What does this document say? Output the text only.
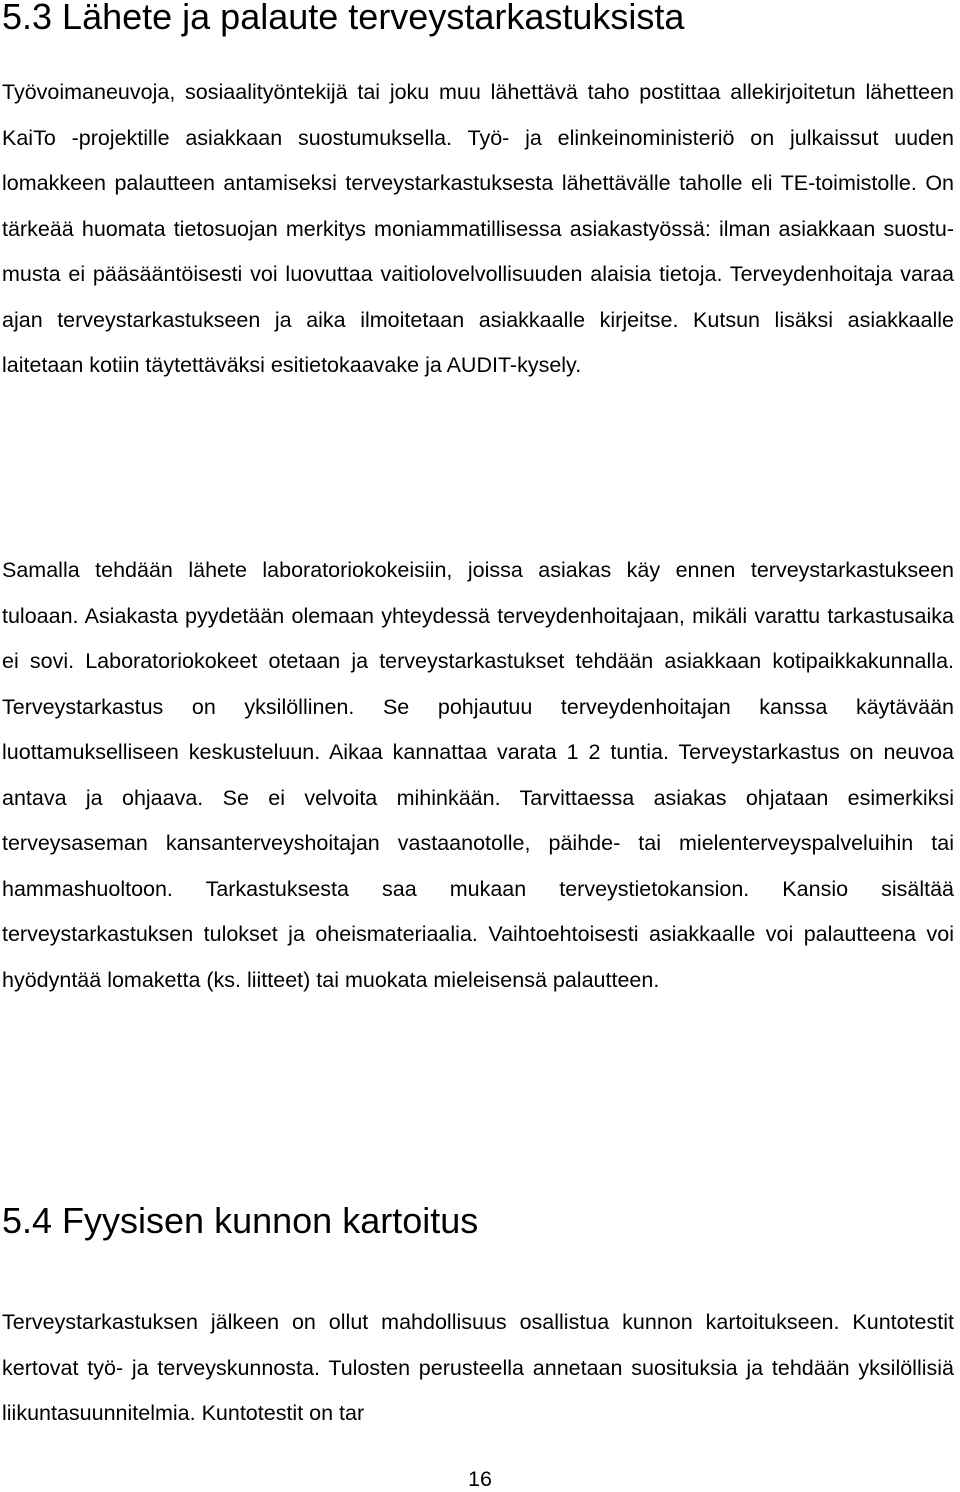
5.3 Lähete ja palaute terveystarkastuksista

Työvoimaneuvoja, sosiaalityöntekijä tai joku muu lähettävä taho postittaa allekirjoitetun lähetteen KaiTo -projektille asiakkaan suostumuksella. Työ- ja elinkeinoministeriö on julkaissut uuden lomakkeen palautteen antamiseksi terveystarkastuksesta lähettävälle taholle eli TE-toimistolle. On tärkeää huomata tietosuojan merkitys moniammatillisessa asiakastyössä: ilman asiakkaan suostumusta ei pääsääntöisesti voi luovuttaa vaitiolovelvollisuuden alaisia tietoja. Terveydenhoitaja varaa ajan terveystarkastukseen ja aika ilmoitetaan asiakkaalle kirjeitse. Kutsun lisäksi asiakkaalle laitetaan kotiin täytettäväksi esitietokaavake ja AUDIT-kysely.

Samalla tehdään lähete laboratoriokokeisiin, joissa asiakas käy ennen terveystarkastukseen tuloaan. Asiakasta pyydetään olemaan yhteydessä terveydenhoitajaan, mikäli varattu tarkastusaika ei sovi. Laboratoriokokeet otetaan ja terveystarkastukset tehdään asiakkaan kotipaikkakunnalla. Terveystarkastus on yksilöllinen. Se pohjautuu terveydenhoitajan kanssa käytävään luottamukselliseen keskusteluun. Aikaa kannattaa varata 1 2 tuntia. Terveystarkastus on neuvoa antava ja ohjaava. Se ei velvoita mihinkään. Tarvittaessa asiakas ohjataan esimerkiksi terveysaseman kansanterveyshoitajan vastaanotolle, päihde- tai mielenterveyspalveluihin tai hammashuoltoon. Tarkastuksesta saa mukaan terveystietokansion. Kansio sisältää terveystarkastuksen tulokset ja oheismateriaalia. Vaihtoehtoisesti asiakkaalle voi palautteena voi hyödyntää lomaketta (ks. liitteet) tai muokata mieleisensä palautteen.

5.4 Fyysisen kunnon kartoitus

Terveystarkastuksen jälkeen on ollut mahdollisuus osallistua kunnon kartoitukseen. Kuntotestit kertovat työ- ja terveyskunnosta. Tulosten perusteella annetaan suosituksia ja tehdään yksilöllisiä liikuntasuunnitelmia. Kuntotestit on tar

16
